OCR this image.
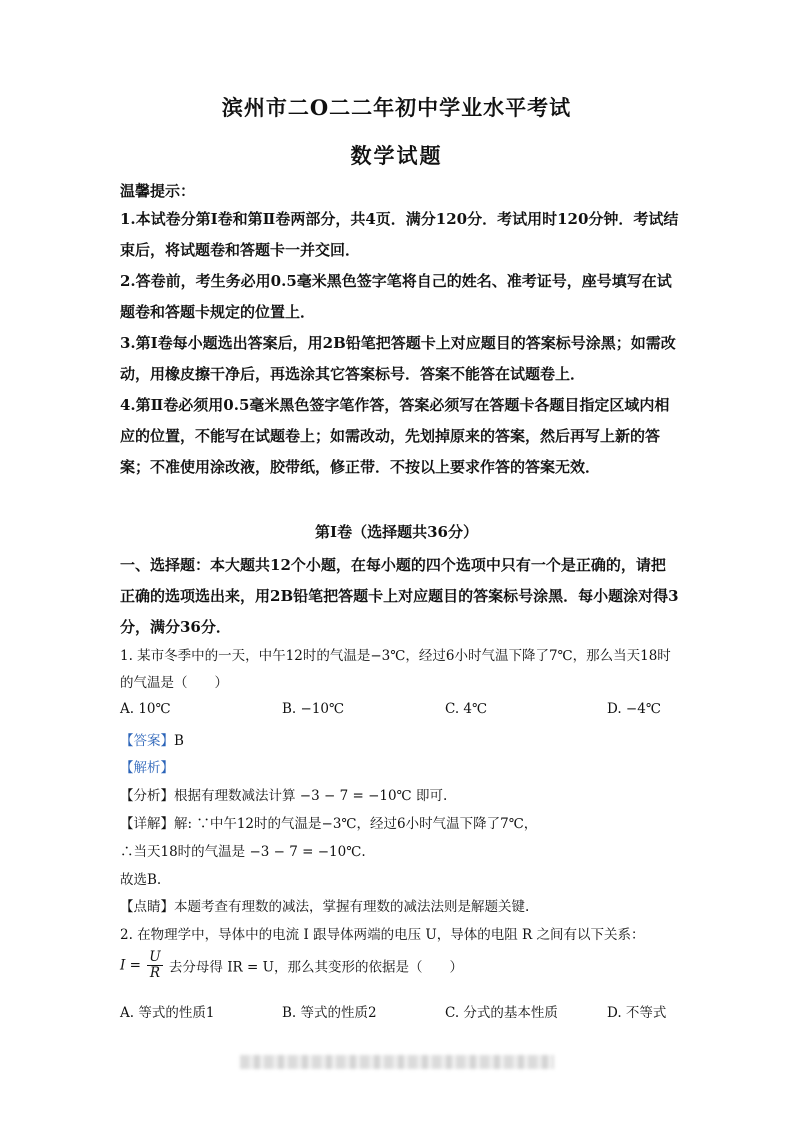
滨州市二O二二年初中学业水平考试
数学试题
温馨提示：

1.本试卷分第Ⅰ卷和第Ⅱ卷两部分，共4页．满分120分．考试用时120分钟．考试结束后，将试题卷和答题卡一并交回．

2.答卷前，考生务必用0.5毫米黑色签字笔将自己的姓名、准考证号，座号填写在试题卷和答题卡规定的位置上．

3.第Ⅰ卷每小题选出答案后，用2B铅笔把答题卡上对应题目的答案标号涂黑；如需改动，用橡皮擦干净后，再选涂其它答案标号．答案不能答在试题卷上．

4.第Ⅱ卷必须用0.5毫米黑色签字笔作答，答案必须写在答题卡各题目指定区域内相应的位置，不能写在试题卷上；如需改动，先划掉原来的答案，然后再写上新的答案；不准使用涂改液，胶带纸，修正带．不按以上要求作答的答案无效．

第Ⅰ卷（选择题共36分）
一、选择题：本大题共12个小题，在每小题的四个选项中只有一个是正确的，请把正确的选项选出来，用2B铅笔把答题卡上对应题目的答案标号涂黑．每小题涂对得3分，满分36分．
1. 某市冬季中的一天，中午12时的气温是−3℃，经过6小时气温下降了7℃，那么当天18时的气温是（　　）
A. 10℃	B. −10℃	C. 4℃	D. −4℃
【答案】B
【解析】
【分析】根据有理数减法计算 −3 − 7 = −10℃ 即可.
【详解】解: ∵中午12时的气温是−3℃，经过6小时气温下降了7℃，
∴当天18时的气温是 −3 − 7 = −10℃.
故选B.
【点睛】本题考查有理数的减法，掌握有理数的减法法则是解题关键.
2. 在物理学中，导体中的电流 I 跟导体两端的电压 U，导体的电阻 R 之间有以下关系：
$I = \frac{U}{R}$ 去分母得 IR = U，那么其变形的依据是（　　）
A. 等式的性质1	B. 等式的性质2	C. 分式的基本性质	D. 不等式
